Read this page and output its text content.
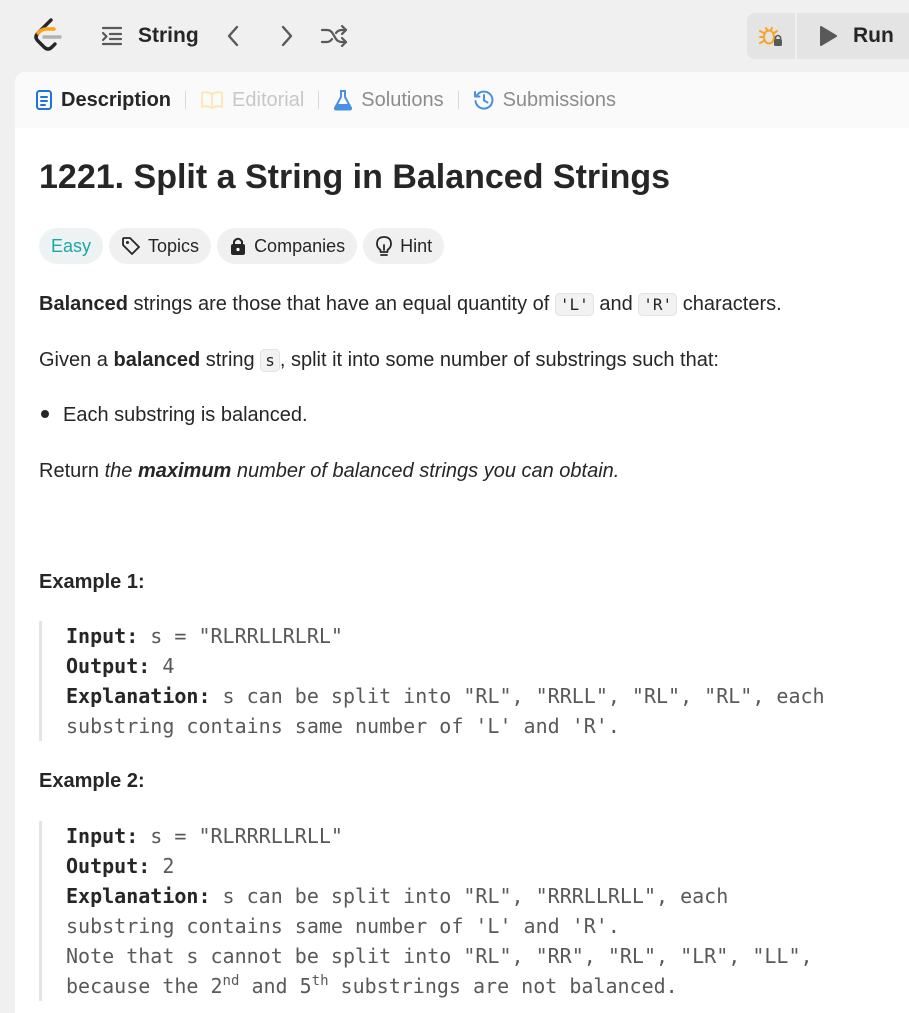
String	Run
Description	Editorial	Solutions	Submissions
1221. Split a String in Balanced Strings
Easy	Topics	Companies	Hint
Balanced strings are those that have an equal quantity of 'L' and 'R' characters.
Given a balanced string s , split it into some number of substrings such that:
Each substring is balanced.
Return the maximum number of balanced strings you can obtain.
Example 1:
Input: s = "RLRRLLRLRL"
Output: 4
Explanation: s can be split into "RL", "RRLL", "RL", "RL", each
substring contains same number of 'L' and 'R'.
Example 2:
Input: s = "RLRRRLLRLL"
Output: 2
Explanation: s can be split into "RL", "RRRLLRLL", each
substring contains same number of 'L' and 'R'.
Note that s cannot be split into "RL", "RR", "RL", "LR", "LL",
because the 2nd and 5th substrings are not balanced.
